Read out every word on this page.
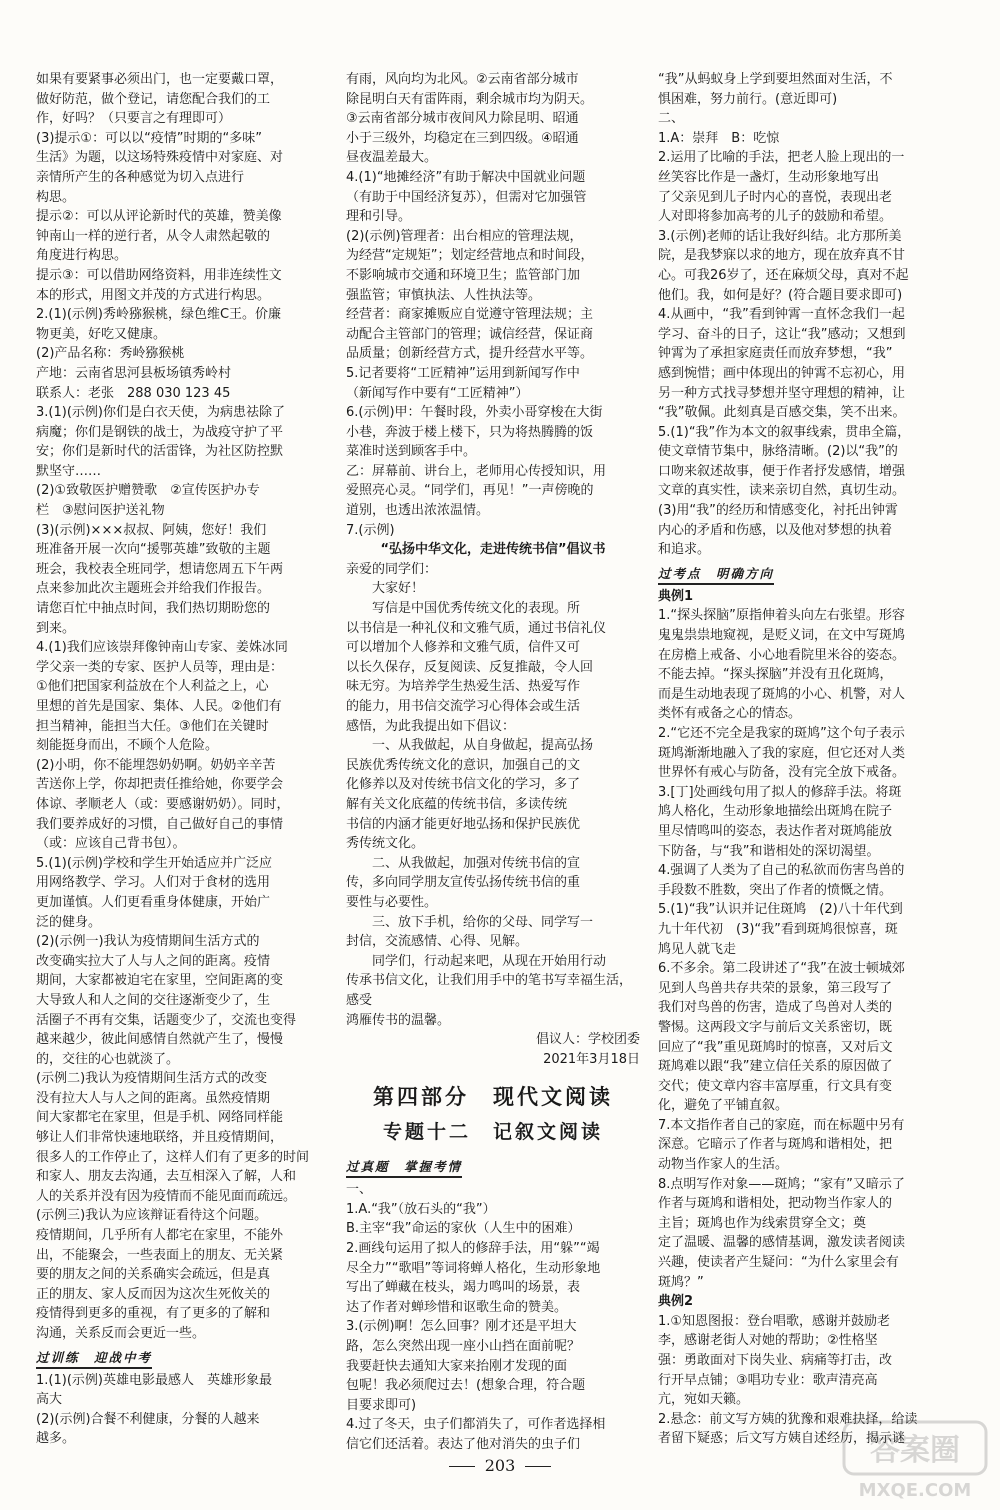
如果有要紧事必须出门，也一定要戴口罩，

做好防范，做个登记，请您配合我们的工

作，好吗？（只要言之有理即可）

(3)提示①：可以以“疫情”时期的“多味”

生活》为题，以这场特殊疫情中对家庭、对

亲情所产生的各种感觉为切入点进行

构思。

提示②：可以从评论新时代的英雄，赞美像

钟南山一样的逆行者，从令人肃然起敬的

角度进行构思。

提示③：可以借助网络资料，用非连续性文

本的形式，用图文并茂的方式进行构思。

2.(1)(示例)秀岭猕猴桃，绿色维C王。价廉

物更美，好吃又健康。

(2)产品名称：秀岭猕猴桃

产地：云南省思河县板场镇秀岭村

联系人：老张　288 030 123 45

3.(1)(示例)你们是白衣天使，为病患祛除了

病魔；你们是钢铁的战士，为战疫守护了平

安；你们是新时代的活雷锋，为社区防控默

默坚守……

(2)①致敬医护赠赞歌　②宣传医护办专

栏　③慰问医护送礼物

(3)(示例)×××叔叔、阿姨，您好！我们

班准备开展一次向“援鄂英雄”致敬的主题

班会，我校表全班同学，想请您周五下午两

点来参加此次主题班会并给我们作报告。

请您百忙中抽点时间，我们热切期盼您的

到来。

4.(1)我们应该崇拜像钟南山专家、姜姝冰同

学父亲一类的专家、医护人员等，理由是：

①他们把国家利益放在个人利益之上，心

里想的首先是国家、集体、人民。②他们有

担当精神，能担当大任。③他们在关键时

刻能挺身而出，不顾个人危险。

(2)小明，你不能埋怨奶奶啊。奶奶辛辛苦

苦送你上学，你却把责任推给她，你要学会

体谅、孝顺老人（或：要感谢奶奶）。同时，

我们要养成好的习惯，自己做好自己的事情

（或：应该自己背书包）。

5.(1)(示例)学校和学生开始适应并广泛应

用网络教学、学习。人们对于食材的选用

更加谨慎。人们更看重身体健康，开始广

泛的健身。

(2)(示例一)我认为疫情期间生活方式的

改变确实拉大了人与人之间的距离。疫情

期间，大家都被迫宅在家里，空间距离的变

大导致人和人之间的交往逐渐变少了，生

活圈子不再有交集，话题变少了，交流也变得

越来越少，彼此间感情自然就产生了，慢慢

的，交往的心也就淡了。

(示例二)我认为疫情期间生活方式的改变

没有拉大人与人之间的距离。虽然疫情期

间大家都宅在家里，但是手机、网络同样能

够让人们非常快速地联络，并且疫情期间，

很多人的工作停止了，这样人们有了更多的时间

和家人、朋友去沟通，去互相深入了解，人和

人的关系并没有因为疫情而不能见面而疏远。

(示例三)我认为应该辩证看待这个问题。

疫情期间，几乎所有人都宅在家里，不能外

出，不能聚会，一些表面上的朋友、无关紧

要的朋友之间的关系确实会疏远，但是真

正的朋友、家人反而因为这次生死攸关的

疫情得到更多的重视，有了更多的了解和

沟通，关系反而会更近一些。

过训练　迎战中考

1.(1)(示例)英雄电影最感人　英雄形象最

高大

(2)(示例)合餐不利健康，分餐的人越来

越多。

有雨，风向均为北风。②云南省部分城市

除昆明白天有雷阵雨，剩余城市均为阴天。

③云南省部分城市夜间风力除昆明、昭通

小于三级外，均稳定在三到四级。④昭通

昼夜温差最大。

4.(1)“地摊经济”有助于解决中国就业问题

（有助于中国经济复苏），但需对它加强管

理和引导。

(2)(示例)管理者：出台相应的管理法规，

为经营“定规矩”；划定经营地点和时间段，

不影响城市交通和环境卫生；监管部门加

强监管；审慎执法、人性执法等。

经营者：商家摊贩应自觉遵守管理法规；主

动配合主管部门的管理；诚信经营，保证商

品质量；创新经营方式，提升经营水平等。

5.记者要将“工匠精神”运用到新闻写作中

（新闻写作中要有“工匠精神”）

6.(示例)甲：午餐时段，外卖小哥穿梭在大街

小巷，奔波于楼上楼下，只为将热腾腾的饭

菜准时送到顾客手中。

乙：屏幕前、讲台上，老师用心传授知识，用

爱照亮心灵。“同学们，再见！”一声傍晚的

道别，也透出浓浓温情。

7.(示例)

“弘扬中华文化，走进传统书信”倡议书

亲爱的同学们：

　　大家好！

　　写信是中国优秀传统文化的表现。所

以书信是一种礼仪和文雅气质，通过书信礼仪

可以增加个人修养和文雅气质，信件又可

以长久保存，反复阅读、反复推敲，令人回

味无穷。为培养学生热爱生活、热爱写作

的能力，用书信交流学习心得体会或生活

感悟，为此我提出如下倡议：

　　一、从我做起，从自身做起，提高弘扬

民族优秀传统文化的意识，加强自己的文

化修养以及对传统书信文化的学习，多了

解有关文化底蕴的传统书信，多读传统

书信的内涵才能更好地弘扬和保护民族优

秀传统文化。

　　二、从我做起，加强对传统书信的宣

传，多向同学朋友宣传弘扬传统书信的重

要性与必要性。

　　三、放下手机，给你的父母、同学写一

封信，交流感情、心得、见解。

　　同学们，行动起来吧，从现在开始用行动

传承书信文化，让我们用手中的笔书写幸福生活，感受

鸿雁传书的温馨。

倡议人：学校团委

2021年3月18日

第四部分　现代文阅读
专题十二　记叙文阅读
过真题　掌握考情

一、

1.A.“我”（放石头的“我”）

B.主宰“我”命运的家伙（人生中的困难）

2.画线句运用了拟人的修辞手法，用“躲”“竭

尽全力”“歌唱”等词将蝉人格化，生动形象地

写出了蝉藏在枝头，竭力鸣叫的场景，表

达了作者对蝉珍惜和讴歌生命的赞美。

3.(示例)啊！怎么回事？刚才还是平坦大

路，怎么突然出现一座小山挡在面前呢？

我要赶快去通知大家来抬刚才发现的面

包呢！我必须爬过去！(想象合理，符合题

目要求即可)

4.过了冬天，虫子们都消失了，可作者选择相

信它们还活着。表达了他对消失的虫子们

“我”从蚂蚁身上学到要坦然面对生活，不

惧困难，努力前行。(意近即可)

二、

1.A：崇拜　B：吃惊

2.运用了比喻的手法，把老人脸上现出的一

丝笑容比作是一盏灯，生动形象地写出

了父亲见到儿子时内心的喜悦，表现出老

人对即将参加高考的儿子的鼓励和希望。

3.(示例)老师的话让我好纠结。北方那所美

院，是我梦寐以求的地方，现在放弃真不甘

心。可我26岁了，还在麻烦父母，真对不起

他们。我，如何是好？(符合题目要求即可)

4.从画中，“我”看到钟霄一直怀念我们一起

学习、奋斗的日子，这让“我”感动；又想到

钟霄为了承担家庭责任而放弃梦想，“我”

感到惋惜；画中体现出的钟霄不忘初心，用

另一种方式找寻梦想并坚守理想的精神，让

“我”敬佩。此刻真是百感交集，笑不出来。

5.(1)“我”作为本文的叙事线索，贯串全篇，

使文章情节集中，脉络清晰。(2)以“我”的

口吻来叙述故事，便于作者抒发感情，增强

文章的真实性，读来亲切自然，真切生动。

(3)用“我”的经历和情感变化，衬托出钟霄

内心的矛盾和伤感，以及他对梦想的执着

和追求。

过考点　明确方向

典例1

1.“探头探脑”原指伸着头向左右张望。形容

鬼鬼祟祟地窥视，是贬义词，在文中写斑鸠

在房檐上戒备、小心地看院里米谷的姿态。

不能去掉。“探头探脑”并没有丑化斑鸠，

而是生动地表现了斑鸠的小心、机警，对人

类怀有戒备之心的情态。

2.“它还不完全是我家的斑鸠”这个句子表示

斑鸠渐渐地融入了我的家庭，但它还对人类

世界怀有戒心与防备，没有完全放下戒备。

3.[丁]处画线句用了拟人的修辞手法。将斑

鸠人格化，生动形象地描绘出斑鸠在院子

里尽情鸣叫的姿态，表达作者对斑鸠能放

下防备，与“我”和谐相处的深切渴望。

4.强调了人类为了自己的私欲而伤害鸟兽的

手段数不胜数，突出了作者的愤慨之情。

5.(1)“我”认识并记住斑鸠　(2)八十年代到

九十年代初　(3)“我”看到斑鸠很惊喜，斑

鸠见人就飞走

6.不多余。第二段讲述了“我”在波士顿城郊

见到人鸟兽共存共荣的景象，第三段写了

我们对鸟兽的伤害，造成了鸟兽对人类的

警惕。这两段文字与前后文关系密切，既

回应了“我”重见斑鸠时的惊喜，又对后文

斑鸠难以跟“我”建立信任关系的原因做了

交代；使文章内容丰富厚重，行文具有变

化，避免了平铺直叙。

7.本文指作者自己的家庭，而在标题中另有

深意。它暗示了作者与斑鸠和谐相处，把

动物当作家人的生活。

8.点明写作对象——斑鸠；“家有”又暗示了

作者与斑鸠和谐相处，把动物当作家人的

主旨；斑鸠也作为线索贯穿全文；奠

定了温暖、温馨的感情基调，激发读者阅读

兴趣，使读者产生疑问：“为什么家里会有

斑鸠？”

典例2

1.①知恩图报：登台唱歌，感谢并鼓励老

李，感谢老街人对她的帮助；②性格坚

强：勇敢面对下岗失业、病痛等打击，改

行开早点铺；③唱功专业：歌声清亮高

亢，宛如天籁。

2.悬念：前文写方姨的犹豫和艰难抉择，给读

者留下疑惑；后文写方姨自述经历，揭示谜

203	答案圈
MXQE.COM
